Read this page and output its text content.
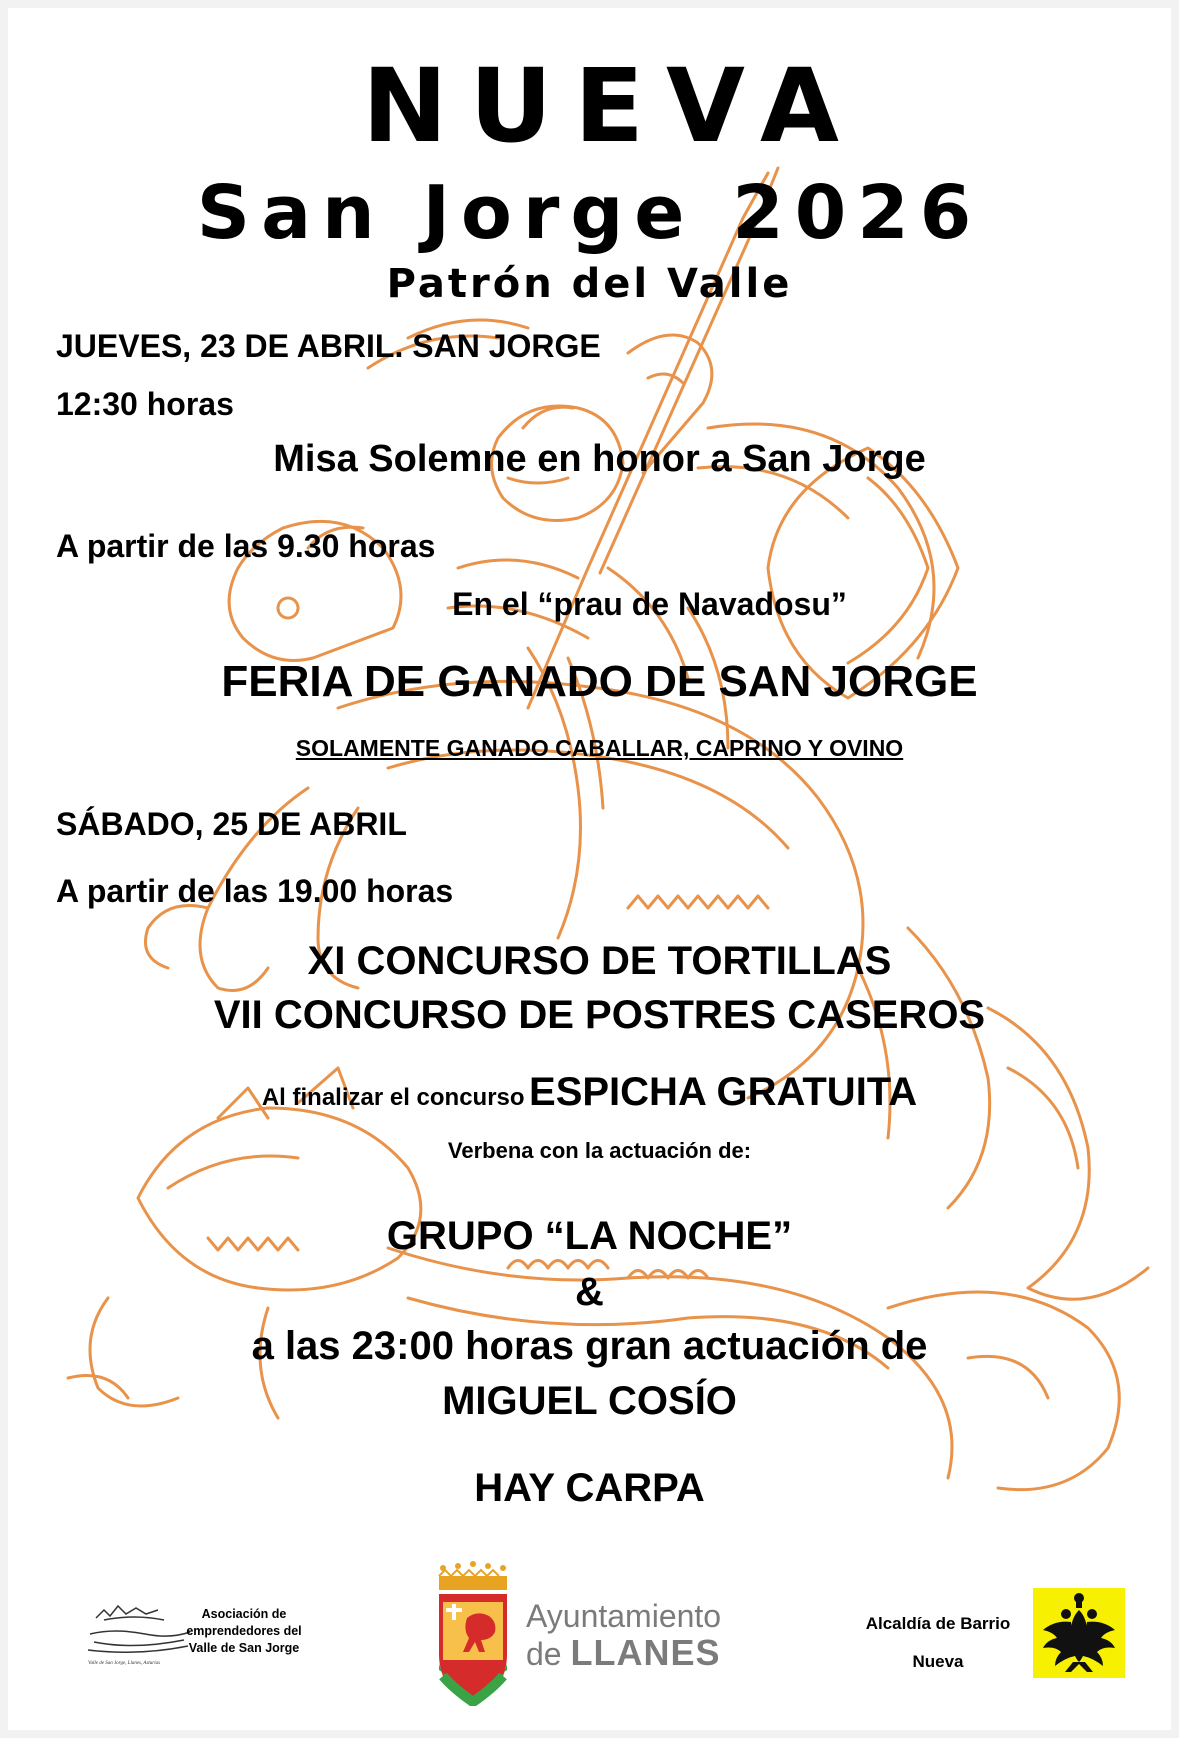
NUEVA
San Jorge 2026
Patrón del Valle
JUEVES, 23 DE ABRIL. SAN JORGE
12:30 horas
Misa Solemne en honor a San Jorge
A partir de las 9.30 horas
En el “prau de Navadosu”
FERIA DE GANADO DE SAN JORGE
SOLAMENTE GANADO CABALLAR, CAPRINO Y OVINO
SÁBADO, 25 DE ABRIL
A partir de las 19.00 horas
XI CONCURSO DE TORTILLAS
VII CONCURSO DE POSTRES CASEROS
Al finalizar el concurso ESPICHA GRATUITA
Verbena con la actuación de:
GRUPO “LA NOCHE”
&
a las 23:00 horas gran actuación de
MIGUEL COSÍO
HAY CARPA
Valle de San Jorge, Llanes, Asturias
Asociación de
emprendedores del
Valle de San Jorge
Ayuntamiento
de LLANES
Alcaldía de Barrio
Nueva
